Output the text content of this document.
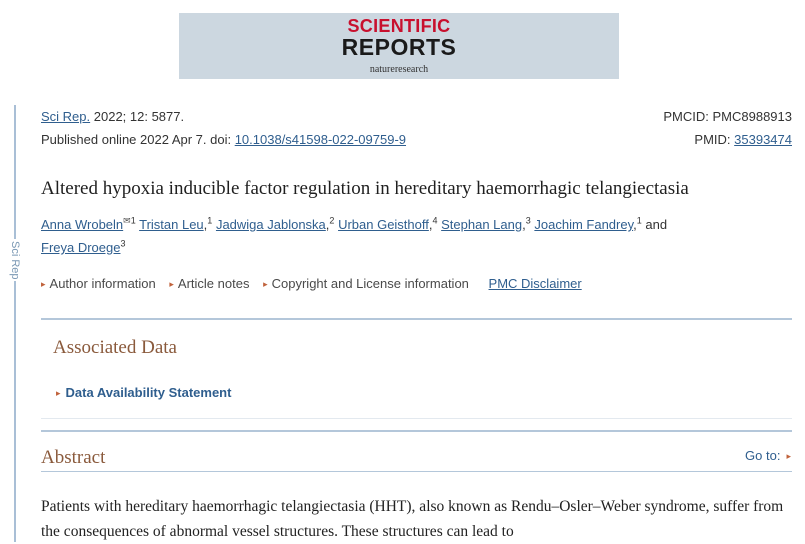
SCIENTIFIC
REPORTS
natureresearch
Sci Rep
Sci Rep. 2022; 12: 5877.
Published online 2022 Apr 7. doi: 10.1038/s41598-022-09759-9
PMCID: PMC8988913
PMID: 35393474
Altered hypoxia inducible factor regulation in hereditary haemorrhagic telangiectasia
Anna Wrobeln$^{✉1}$ Tristan Leu,$^1$ Jadwiga Jablonska,$^2$ Urban Geisthoff,$^4$ Stephan Lang,$^3$ Joachim Fandrey,$^1$ and
Freya Droege$^3$
▸ Author information ▸ Article notes ▸ Copyright and License information PMC Disclaimer
Associated Data
▸ Data Availability Statement
Abstract	Go to: ▸
Patients with hereditary haemorrhagic telangiectasia (HHT), also known as Rendu–Osler–Weber syndrome, suffer from the consequences of abnormal vessel structures. These structures can lead to
